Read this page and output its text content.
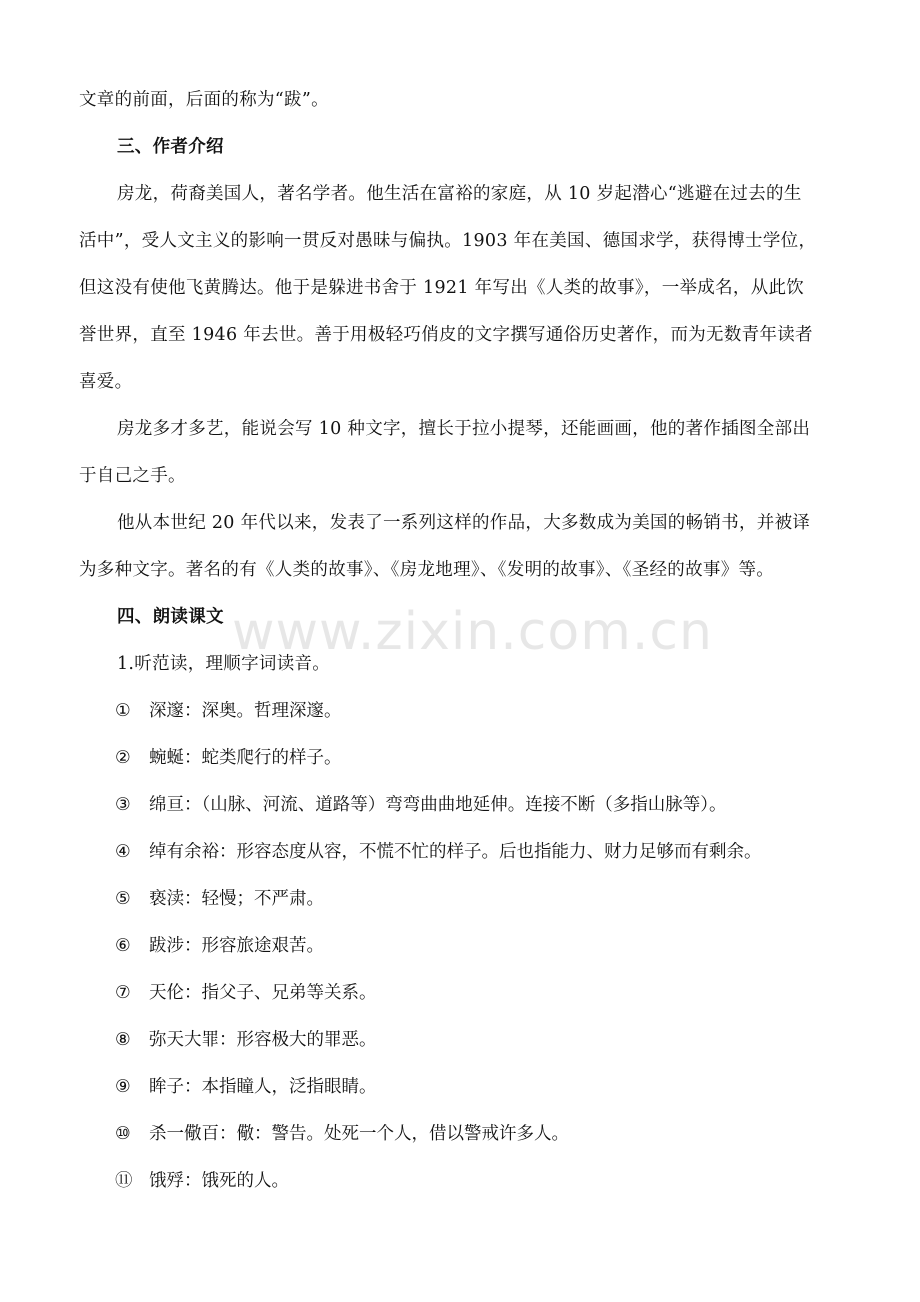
文章的前面，后面的称为“跋”。
三、作者介绍
房龙，荷裔美国人，著名学者。他生活在富裕的家庭，从 10 岁起潜心“逃避在过去的生
活中”，受人文主义的影响一贯反对愚昧与偏执。1903 年在美国、德国求学，获得博士学位，
但这没有使他飞黄腾达。他于是躲进书舍于 1921 年写出《人类的故事》，一举成名，从此饮
誉世界，直至 1946 年去世。善于用极轻巧俏皮的文字撰写通俗历史著作，而为无数青年读者
喜爱。
房龙多才多艺，能说会写 10 种文字，擅长于拉小提琴，还能画画，他的著作插图全部出
于自己之手。
他从本世纪 20 年代以来，发表了一系列这样的作品，大多数成为美国的畅销书，并被译
为多种文字。著名的有《人类的故事》、《房龙地理》、《发明的故事》、《圣经的故事》等。
四、朗读课文
1.听范读，理顺字词读音。
① 深邃：深奥。哲理深邃。
② 蜿蜒：蛇类爬行的样子。
③ 绵亘：（山脉、河流、道路等）弯弯曲曲地延伸。连接不断（多指山脉等）。
④ 绰有余裕：形容态度从容，不慌不忙的样子。后也指能力、财力足够而有剩余。
⑤ 亵渎：轻慢；不严肃。
⑥ 跋涉：形容旅途艰苦。
⑦ 天伦：指父子、兄弟等关系。
⑧ 弥天大罪：形容极大的罪恶。
⑨ 眸子：本指瞳人，泛指眼睛。
⑩ 杀一儆百：儆：警告。处死一个人，借以警戒许多人。
⑪ 饿殍：饿死的人。
www.zixin.com.cn
